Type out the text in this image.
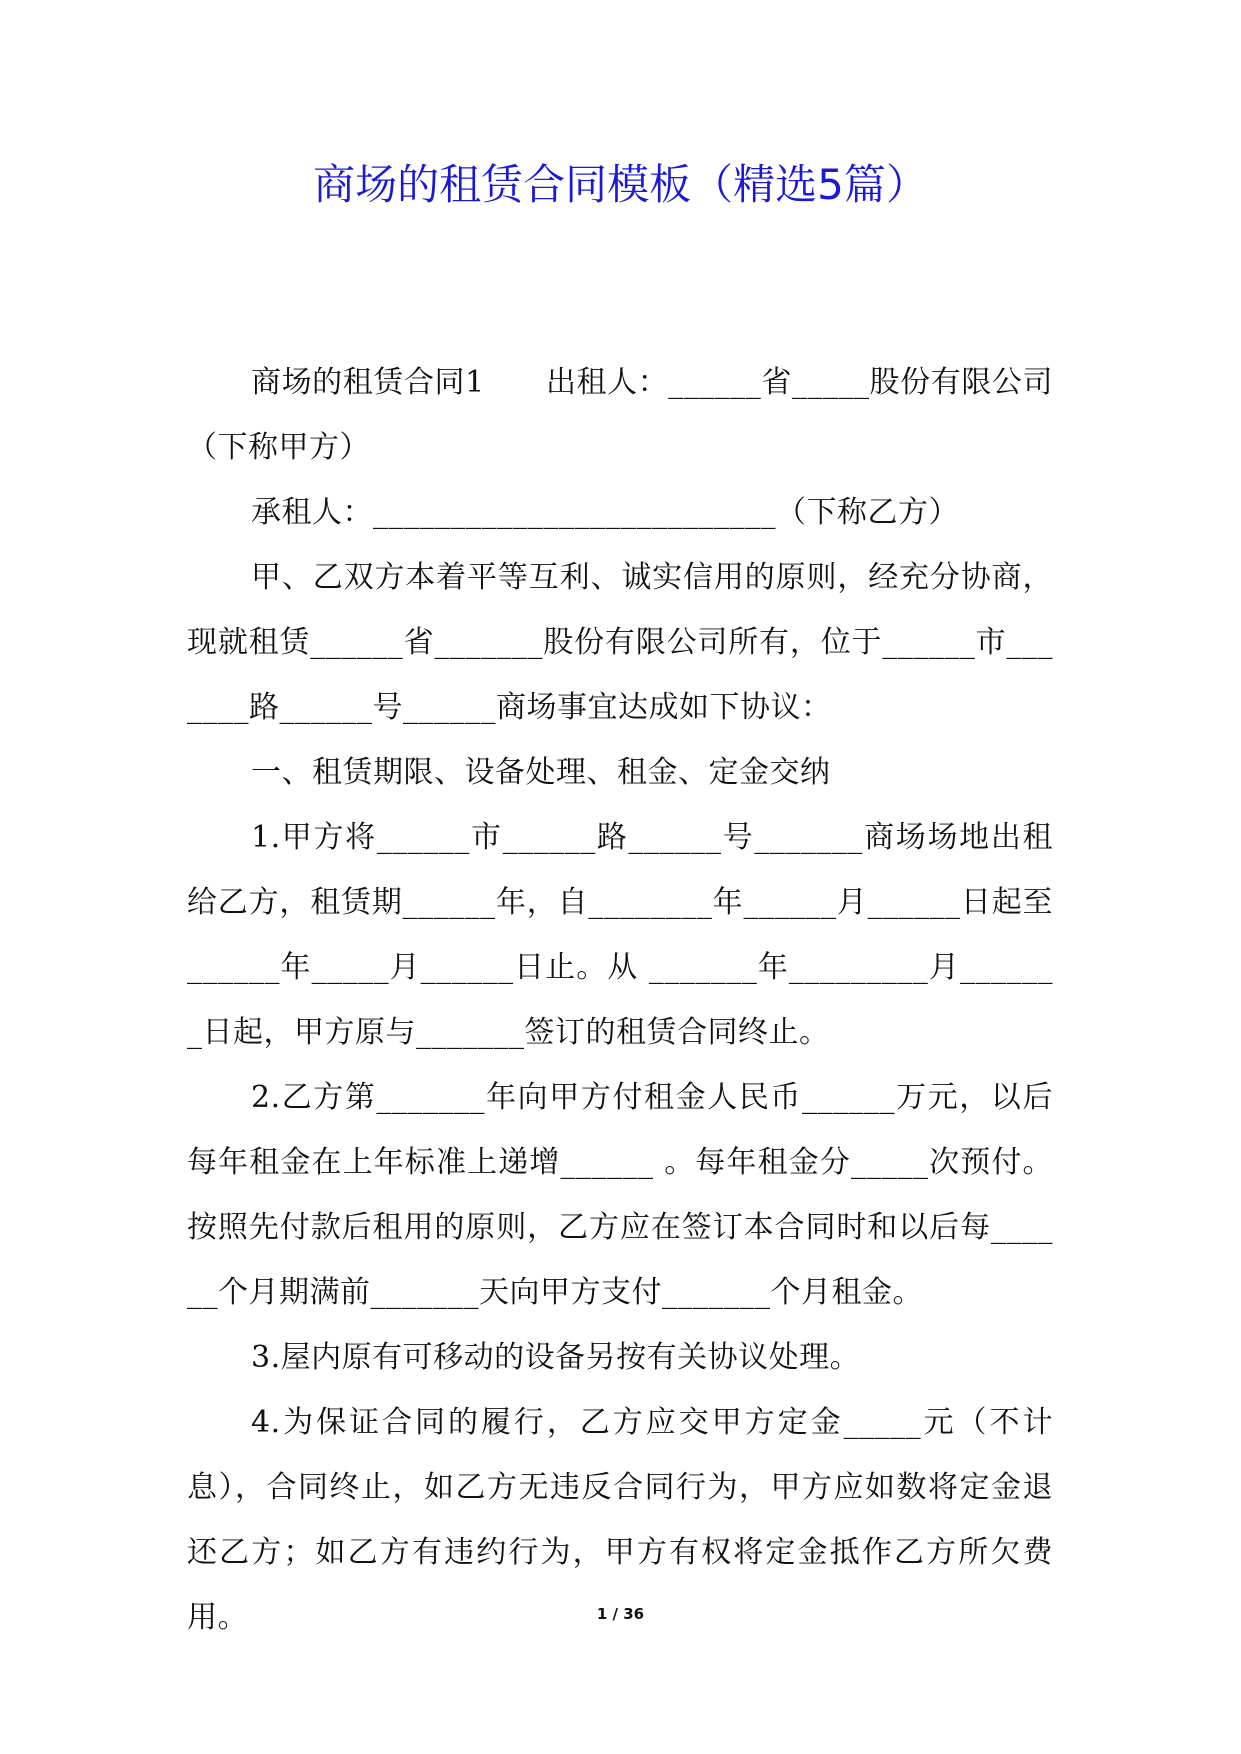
商场的租赁合同模板（精选5篇）

商场的租赁合同1　　出租人：______省_____股份有限公司（下称甲方）

承租人：__________________________（下称乙方）

甲、乙双方本着平等互利、诚实信用的原则，经充分协商，现就租赁______省_______股份有限公司所有，位于______市_______路______号______商场事宜达成如下协议：

一、租赁期限、设备处理、租金、定金交纳

1.甲方将______市______路______号_______商场场地出租给乙方，租赁期______年，自________年______月______日起至______年_____月______日止。从 _______年_________月_______日起，甲方原与_______签订的租赁合同终止。

2.乙方第_______年向甲方付租金人民币______万元，以后每年租金在上年标准上递增______ 。每年租金分_____次预付。按照先付款后租用的原则，乙方应在签订本合同时和以后每______个月期满前_______天向甲方支付_______个月租金。

3.屋内原有可移动的设备另按有关协议处理。

4.为保证合同的履行，乙方应交甲方定金_____元（不计息），合同终止，如乙方无违反合同行为，甲方应如数将定金退还乙方；如乙方有违约行为，甲方有权将定金抵作乙方所欠费用。	1 / 36
